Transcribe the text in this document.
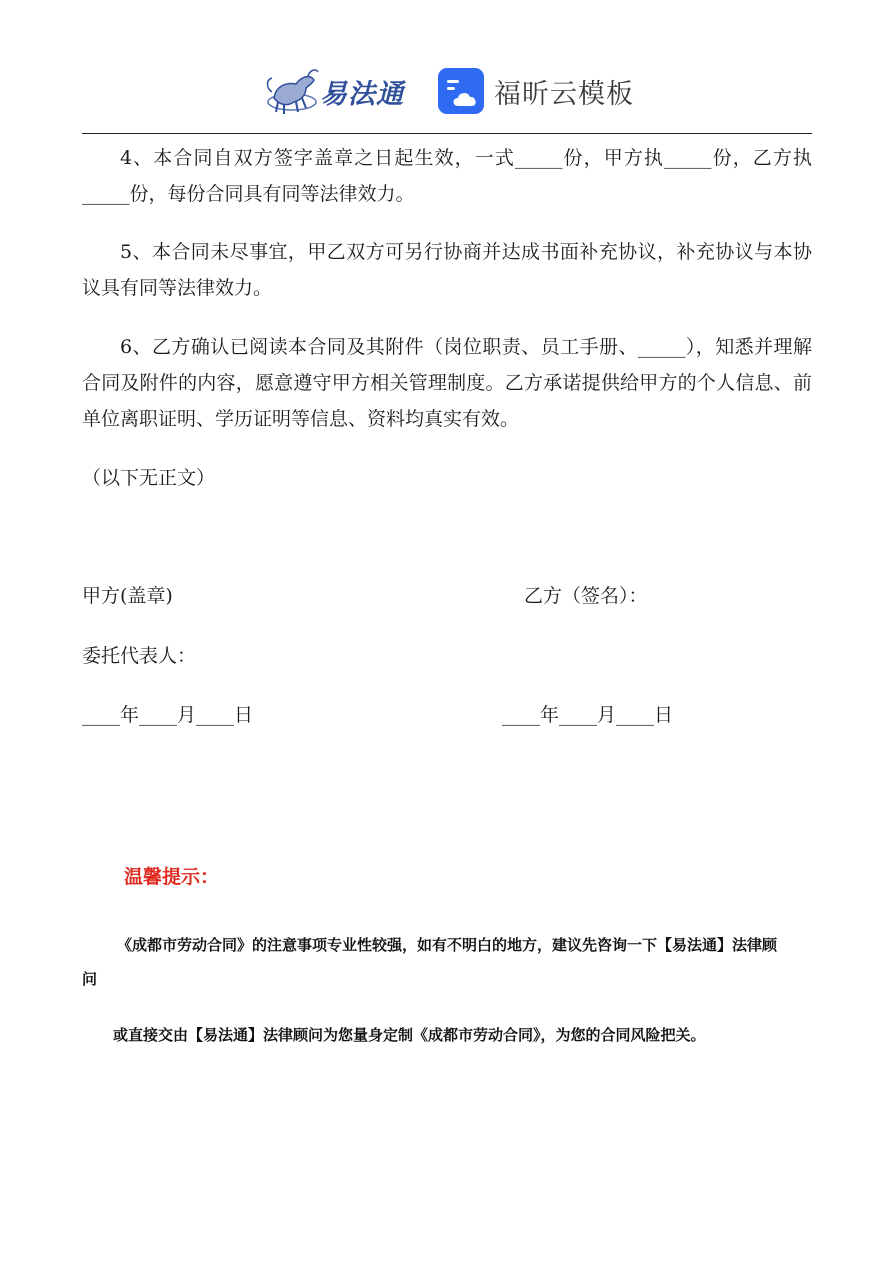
易法通	福昕云模板
4、本合同自双方签字盖章之日起生效，一式_____份，甲方执_____份，乙方执_____份，每份合同具有同等法律效力。
5、本合同未尽事宜，甲乙双方可另行协商并达成书面补充协议，补充协议与本协议具有同等法律效力。
6、乙方确认已阅读本合同及其附件（岗位职责、员工手册、_____），知悉并理解合同及附件的内容，愿意遵守甲方相关管理制度。乙方承诺提供给甲方的个人信息、前单位离职证明、学历证明等信息、资料均真实有效。
（以下无正文）
甲方(盖章)	乙方（签名）：
委托代表人：
____年____月____日	____年____月____日
温馨提示：
《成都市劳动合同》的注意事项专业性较强，如有不明白的地方，建议先咨询一下【易法通】法律顾
问
或直接交由【易法通】法律顾问为您量身定制《成都市劳动合同》，为您的合同风险把关。
